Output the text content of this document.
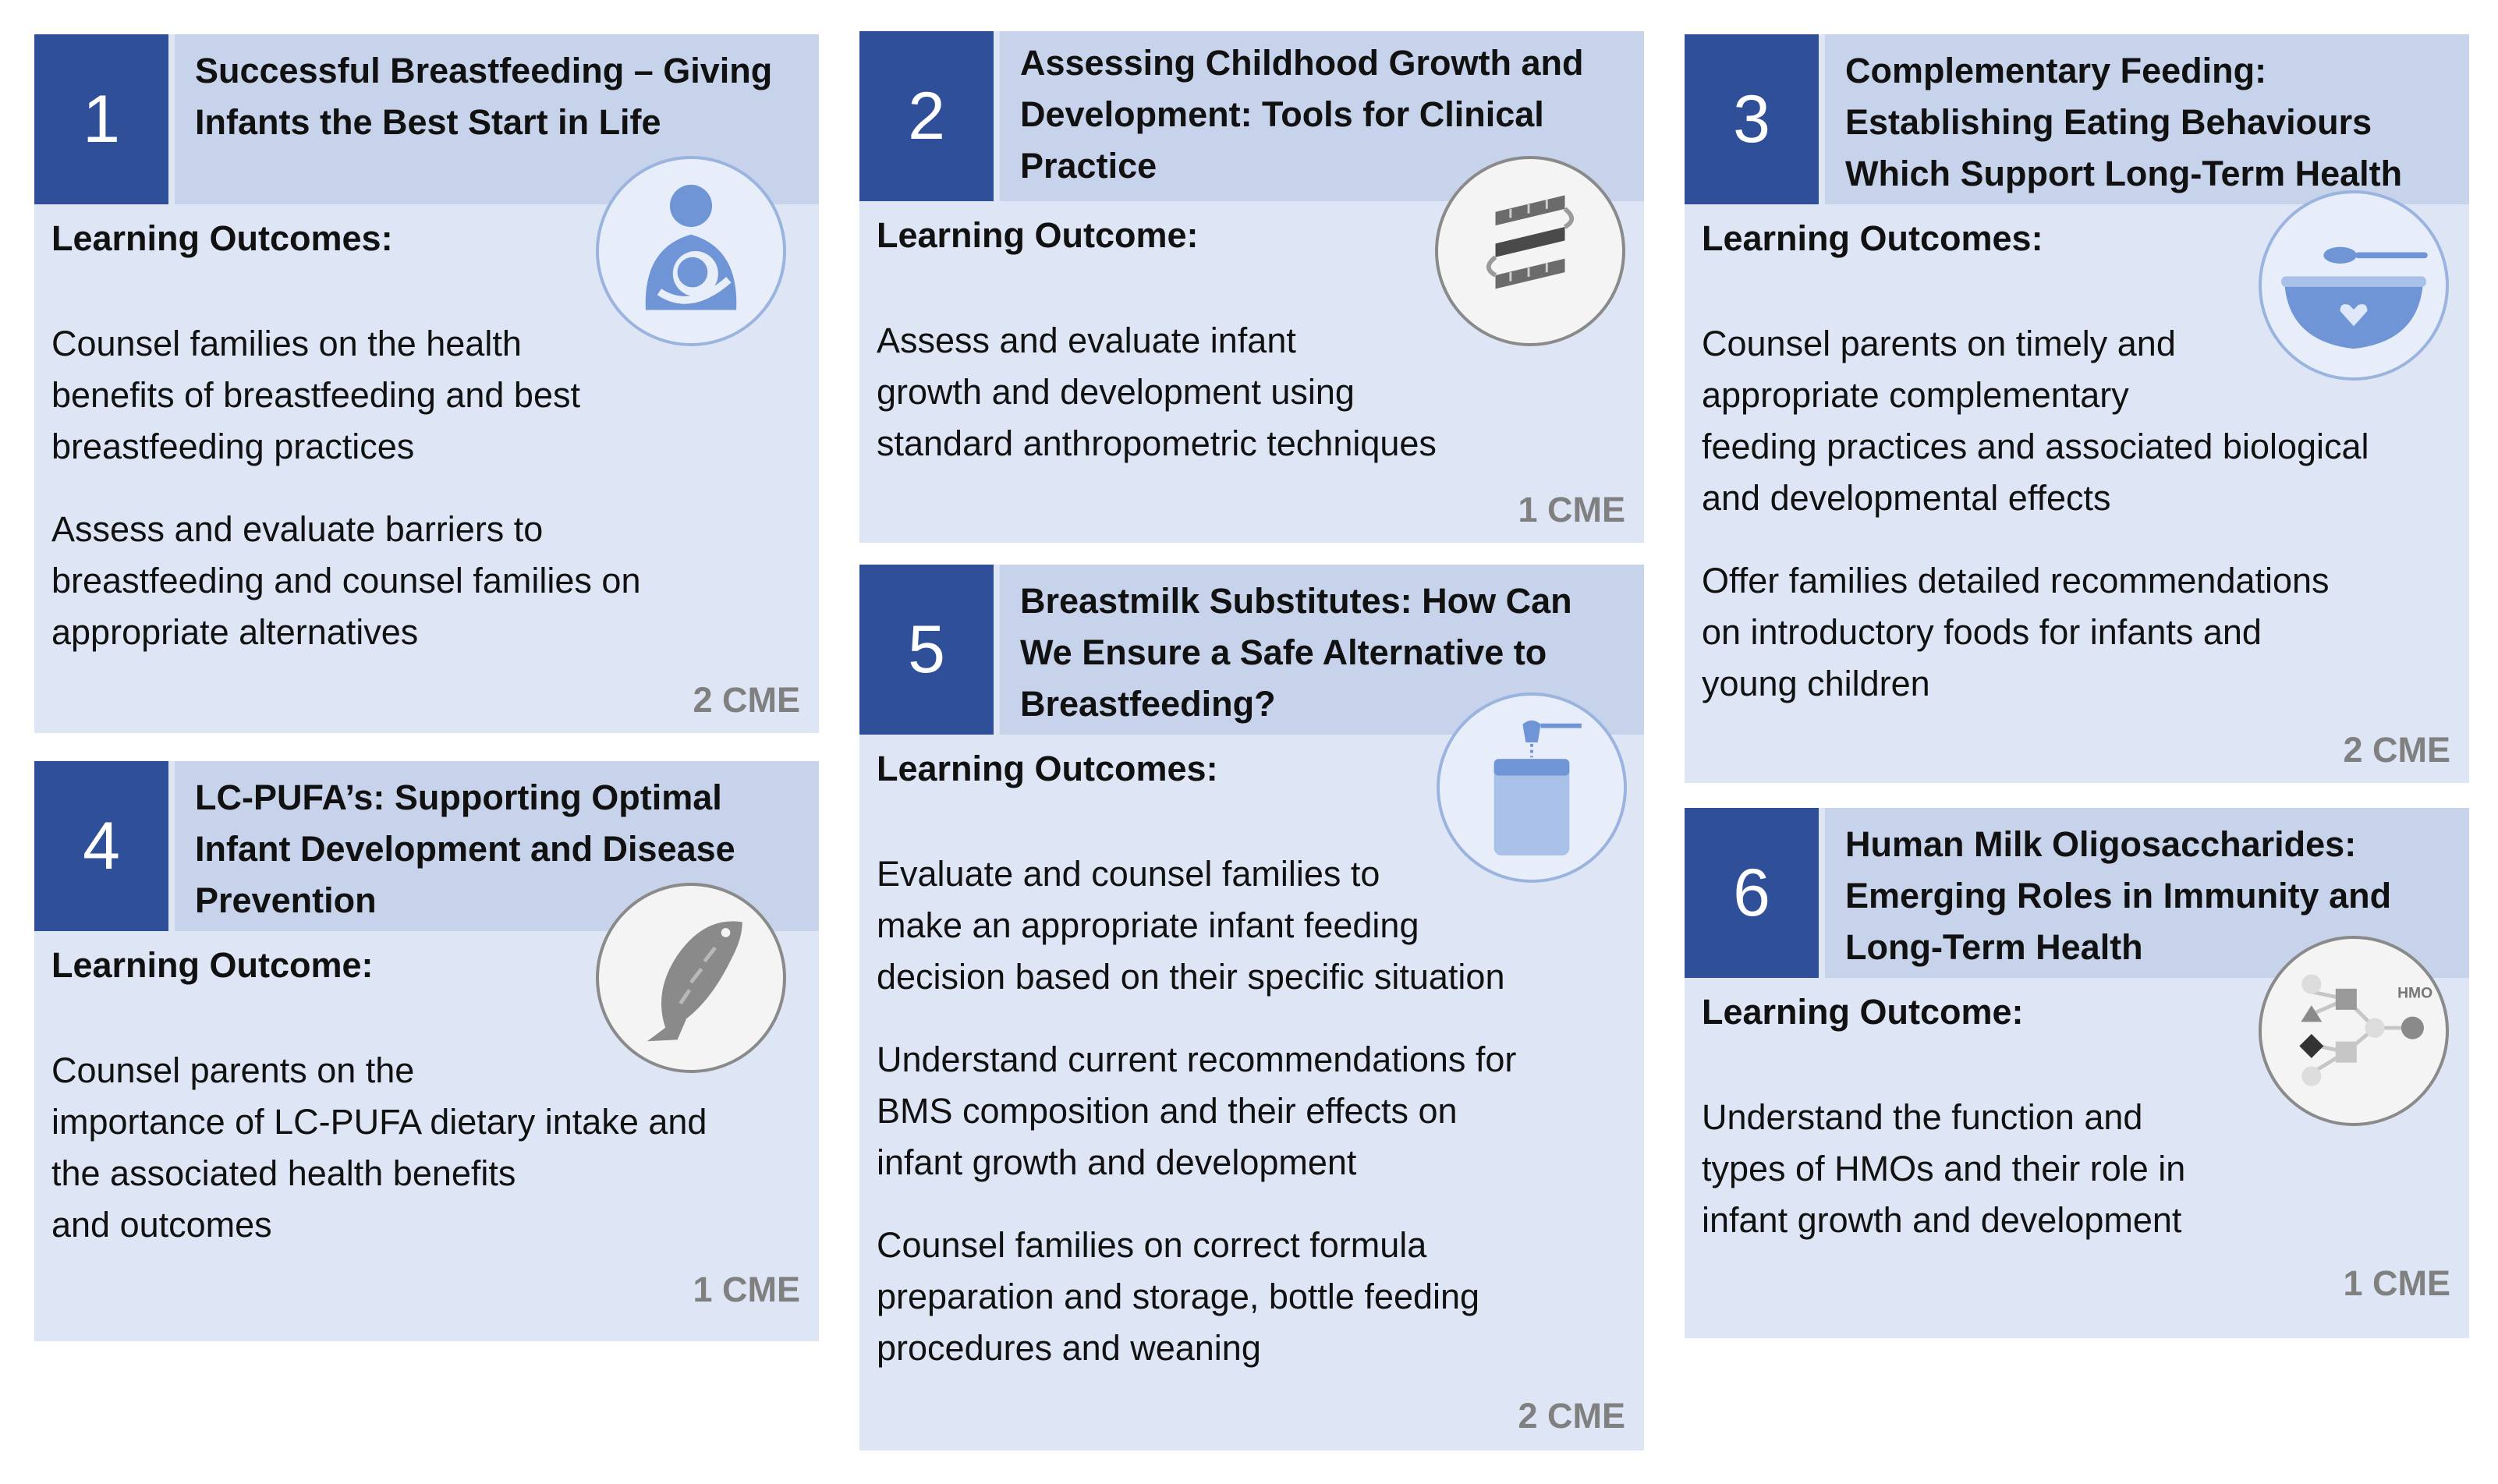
1
Successful Breastfeeding – Giving
Infants the Best Start in Life
Learning Outcomes:
Counsel families on the health
benefits of breastfeeding and best
breastfeeding practices
Assess and evaluate barriers to
breastfeeding and counsel families on
appropriate alternatives
2 CME
4
LC-PUFA’s: Supporting Optimal
Infant Development and Disease
Prevention
Learning Outcome:
Counsel parents on the
importance of LC-PUFA dietary intake and
the associated health benefits
and outcomes
1 CME
2
Assessing Childhood Growth and
Development: Tools for Clinical
Practice
Learning Outcome:
Assess and evaluate infant
growth and development using
standard anthropometric techniques
1 CME
5
Breastmilk Substitutes: How Can
We Ensure a Safe Alternative to
Breastfeeding?
Learning Outcomes:
Evaluate and counsel families to
make an appropriate infant feeding
decision based on their specific situation
Understand current recommendations for
BMS composition and their effects on
infant growth and development
Counsel families on correct formula
preparation and storage, bottle feeding
procedures and weaning
2 CME
3
Complementary Feeding:
Establishing Eating Behaviours
Which Support Long-Term Health
Learning Outcomes:
Counsel parents on timely and
appropriate complementary
feeding practices and associated biological
and developmental effects
Offer families detailed recommendations
on introductory foods for infants and
young children
2 CME
6
Human Milk Oligosaccharides:
Emerging Roles in Immunity and
Long-Term Health
HMO
Learning Outcome:
Understand the function and
types of HMOs and their role in
infant growth and development
1 CME
